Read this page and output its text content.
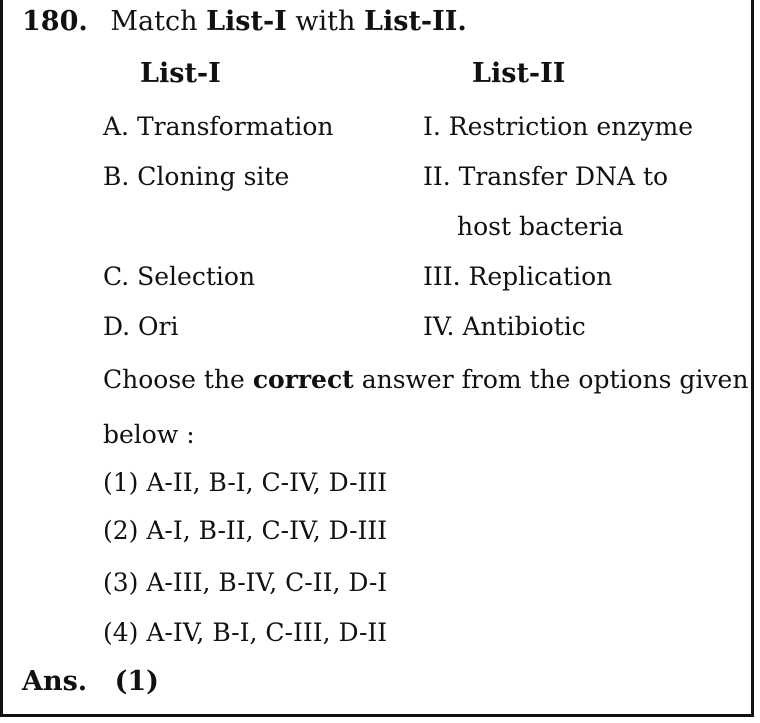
180. Match List-I with List-II.
List-I	List-II
A. Transformation	I. Restriction enzyme
B. Cloning site	II. Transfer DNA to
host bacteria
C. Selection	III. Replication
D. Ori	IV. Antibiotic
Choose the correct answer from the options given
below :
(1) A-II, B-I, C-IV, D-III
(2) A-I, B-II, C-IV, D-III
(3) A-III, B-IV, C-II, D-I
(4) A-IV, B-I, C-III, D-II
Ans. (1)
